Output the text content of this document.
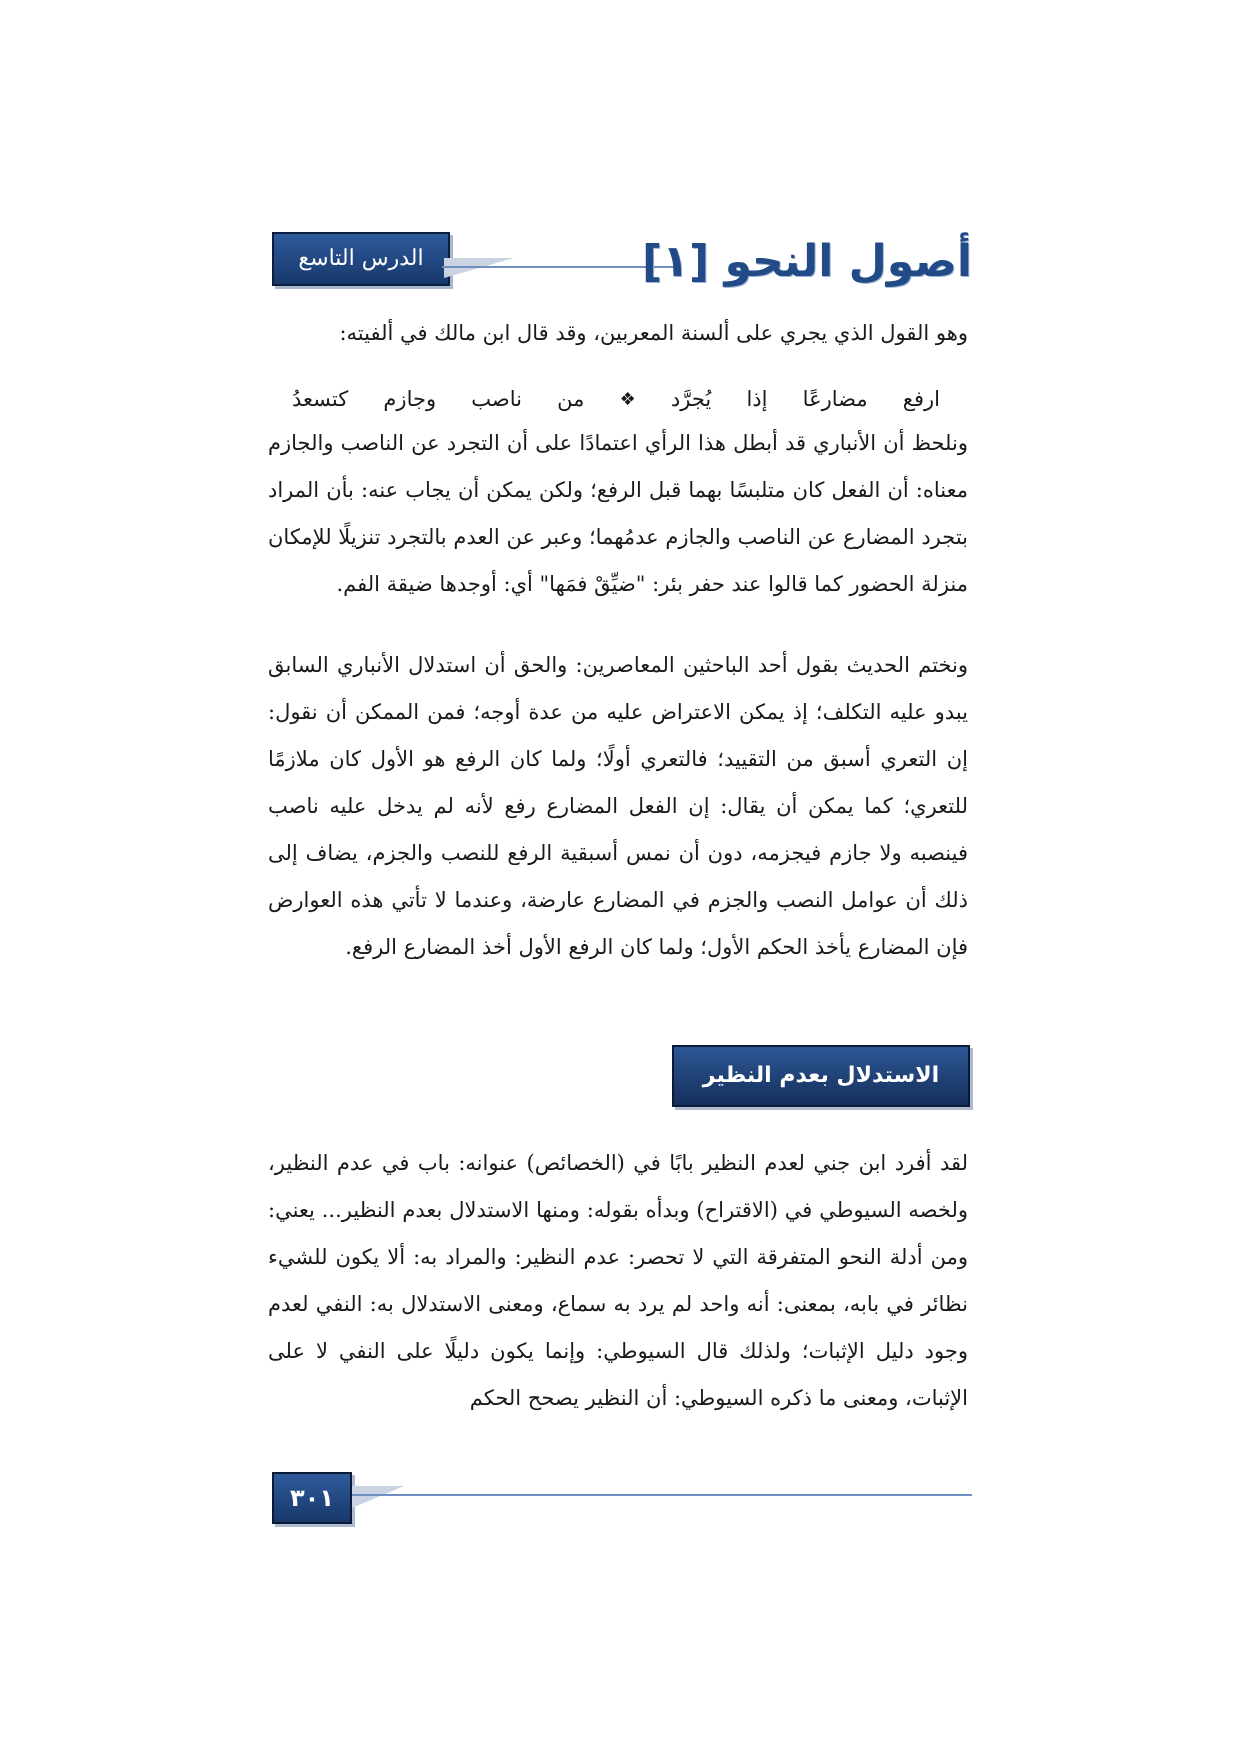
الدرس التاسع عشر
أصول النحو [١]
وهو القول الذي يجري على ألسنة المعربين، وقد قال ابن مالك في ألفيته:
ارفع
مضارعًا
إذا
يُجرَّد
❖
من
ناصب
وجازم
كتسعدُ
ونلحظ أن الأنباري قد أبطل هذا الرأي اعتمادًا على أن التجرد عن الناصب والجازم معناه: أن الفعل كان متلبسًا بهما قبل الرفع؛ ولكن يمكن أن يجاب عنه: بأن المراد بتجرد المضارع عن الناصب والجازم عدمُهما؛ وعبر عن العدم بالتجرد تنزيلًا للإمكان منزلة الحضور كما قالوا عند حفر بئر: "ضيِّقْ فمَها" أي: أوجدها ضيقة الفم.
ونختم الحديث بقول أحد الباحثين المعاصرين: والحق أن استدلال الأنباري السابق يبدو عليه التكلف؛ إذ يمكن الاعتراض عليه من عدة أوجه؛ فمن الممكن أن نقول: إن التعري أسبق من التقييد؛ فالتعري أولًا؛ ولما كان الرفع هو الأول كان ملازمًا للتعري؛ كما يمكن أن يقال: إن الفعل المضارع رفع لأنه لم يدخل عليه ناصب فينصبه ولا جازم فيجزمه، دون أن نمس أسبقية الرفع للنصب والجزم، يضاف إلى ذلك أن عوامل النصب والجزم في المضارع عارضة، وعندما لا تأتي هذه العوارض فإن المضارع يأخذ الحكم الأول؛ ولما كان الرفع الأول أخذ المضارع الرفع.
الاستدلال بعدم النظير
لقد أفرد ابن جني لعدم النظير بابًا في (الخصائص) عنوانه: باب في عدم النظير، ولخصه السيوطي في (الاقتراح) وبدأه بقوله: ومنها الاستدلال بعدم النظير... يعني: ومن أدلة النحو المتفرقة التي لا تحصر: عدم النظير: والمراد به: ألا يكون للشيء نظائر في بابه، بمعنى: أنه واحد لم يرد به سماع، ومعنى الاستدلال به: النفي لعدم وجود دليل الإثبات؛ ولذلك قال السيوطي: وإنما يكون دليلًا على النفي لا على الإثبات، ومعنى ما ذكره السيوطي: أن النظير يصحح الحكم
٣٠١
